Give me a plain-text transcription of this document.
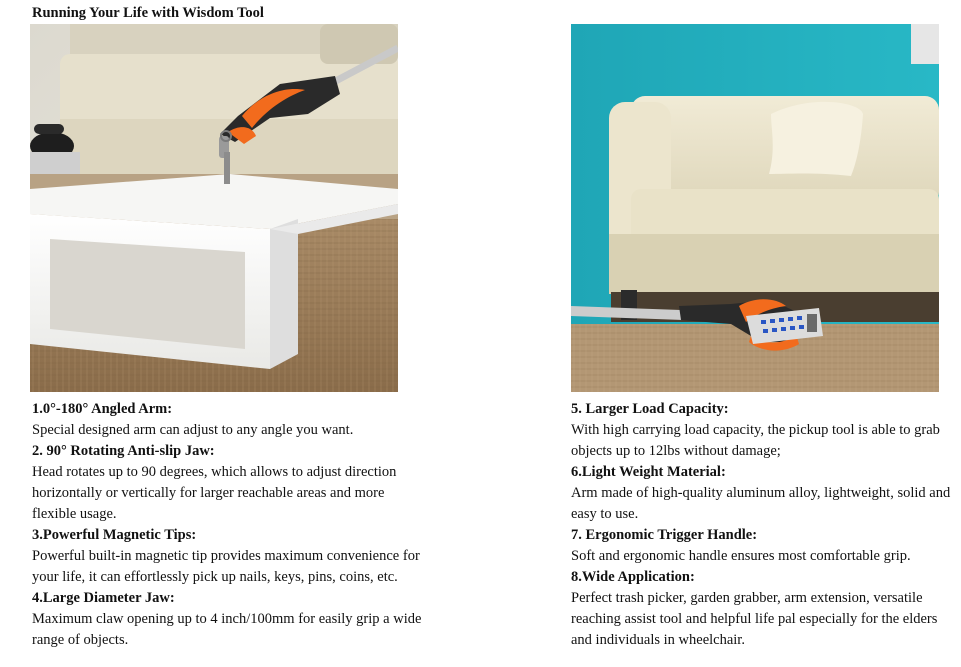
Running Your Life with Wisdom Tool
1.0°-180° Angled Arm:
Special designed arm can adjust to any angle you want.
2. 90° Rotating Anti-slip Jaw:
Head rotates up to 90 degrees, which allows to adjust direction horizontally or vertically for larger reachable areas and more flexible usage.
3.Powerful Magnetic Tips:
Powerful built-in magnetic tip provides maximum convenience for your life, it can effortlessly pick up nails, keys, pins, coins, etc.
4.Large Diameter Jaw:
Maximum claw opening up to 4 inch/100mm for easily grip a wide range of objects.
5. Larger Load Capacity:
With high carrying load capacity, the pickup tool is able to grab objects up to 12lbs without damage;
6.Light Weight Material:
Arm made of high-quality aluminum alloy, lightweight, solid and easy to use.
7. Ergonomic Trigger Handle:
Soft and ergonomic handle ensures most comfortable grip.
8.Wide Application:
Perfect trash picker, garden grabber, arm extension, versatile reaching assist tool and helpful life pal especially for the elders and individuals in wheelchair.
